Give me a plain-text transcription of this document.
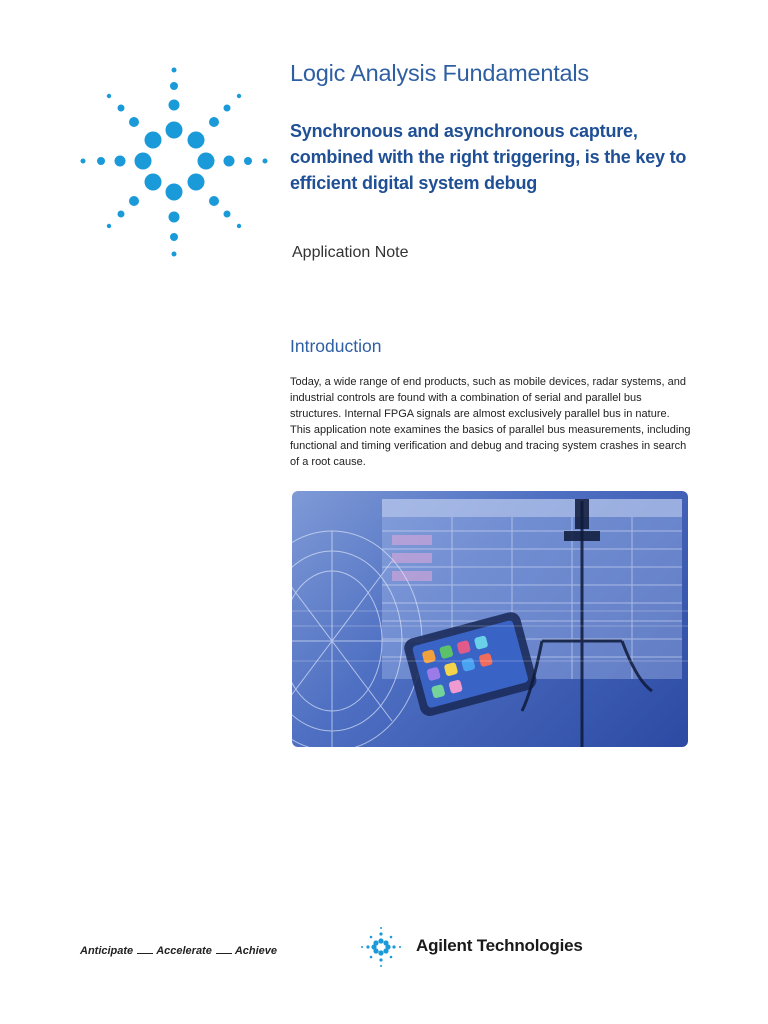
Logic Analysis Fundamentals
Synchronous and asynchronous capture, combined with the right triggering, is the key to efficient digital system debug

Application Note

Introduction

Today, a wide range of end products, such as mobile devices, radar systems, and industrial controls are found with a combination of serial and parallel bus structures. Internal FPGA signals are almost exclusively parallel bus in nature. This application note examines the basics of parallel bus measurements, including functional and timing verification and debug and tracing system crashes in search of a root cause.

Anticipate Accelerate Achieve	Agilent Technologies
